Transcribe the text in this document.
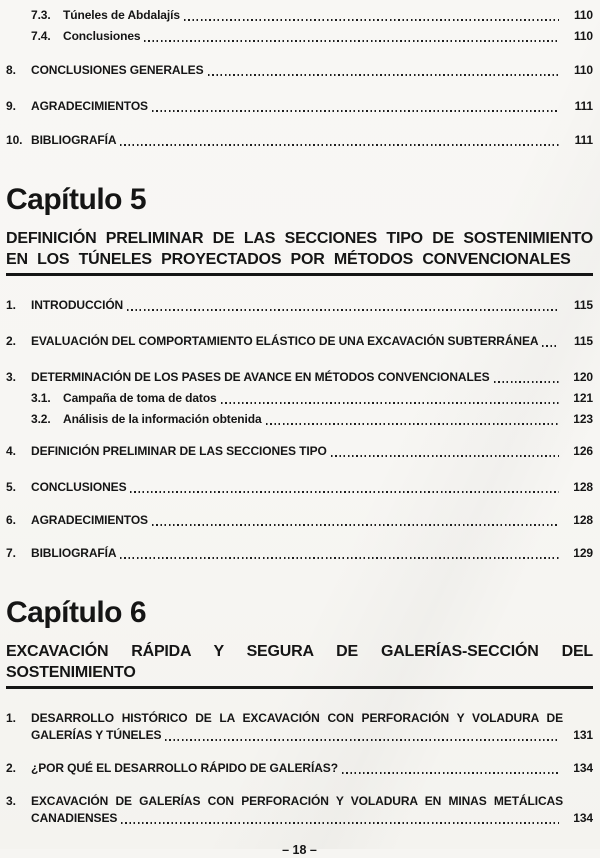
7.3.	Túneles de Abdalajís	110
7.4.	Conclusiones	110
8.	CONCLUSIONES GENERALES	110
9.	AGRADECIMIENTOS	111
10. BIBLIOGRAFÍA	111
Capítulo 5
DEFINICIÓN PRELIMINAR DE LAS SECCIONES TIPO DE SOSTENIMIENTO
EN LOS TÚNELES PROYECTADOS POR MÉTODOS CONVENCIONALES
1.	INTRODUCCIÓN	115
2.	EVALUACIÓN DEL COMPORTAMIENTO ELÁSTICO DE UNA EXCAVACIÓN SUBTERRÁNEA	115
3.	DETERMINACIÓN DE LOS PASES DE AVANCE EN MÉTODOS CONVENCIONALES	120
3.1.	Campaña de toma de datos	121
3.2.	Análisis de la información obtenida	123
4.	DEFINICIÓN PRELIMINAR DE LAS SECCIONES TIPO	126
5.	CONCLUSIONES	128
6.	AGRADECIMIENTOS	128
7.	BIBLIOGRAFÍA	129
Capítulo 6
EXCAVACIÓN RÁPIDA Y SEGURA DE GALERÍAS-SECCIÓN DEL
SOSTENIMIENTO
1.	DESARROLLO HISTÓRICO DE LA EXCAVACIÓN CON PERFORACIÓN Y VOLADURA DE
GALERÍAS Y TÚNELES	131
2.	¿POR QUÉ EL DESARROLLO RÁPIDO DE GALERÍAS?	134
3.	EXCAVACIÓN DE GALERÍAS CON PERFORACIÓN Y VOLADURA EN MINAS METÁLICAS
CANADIENSES	134
– 18 –
